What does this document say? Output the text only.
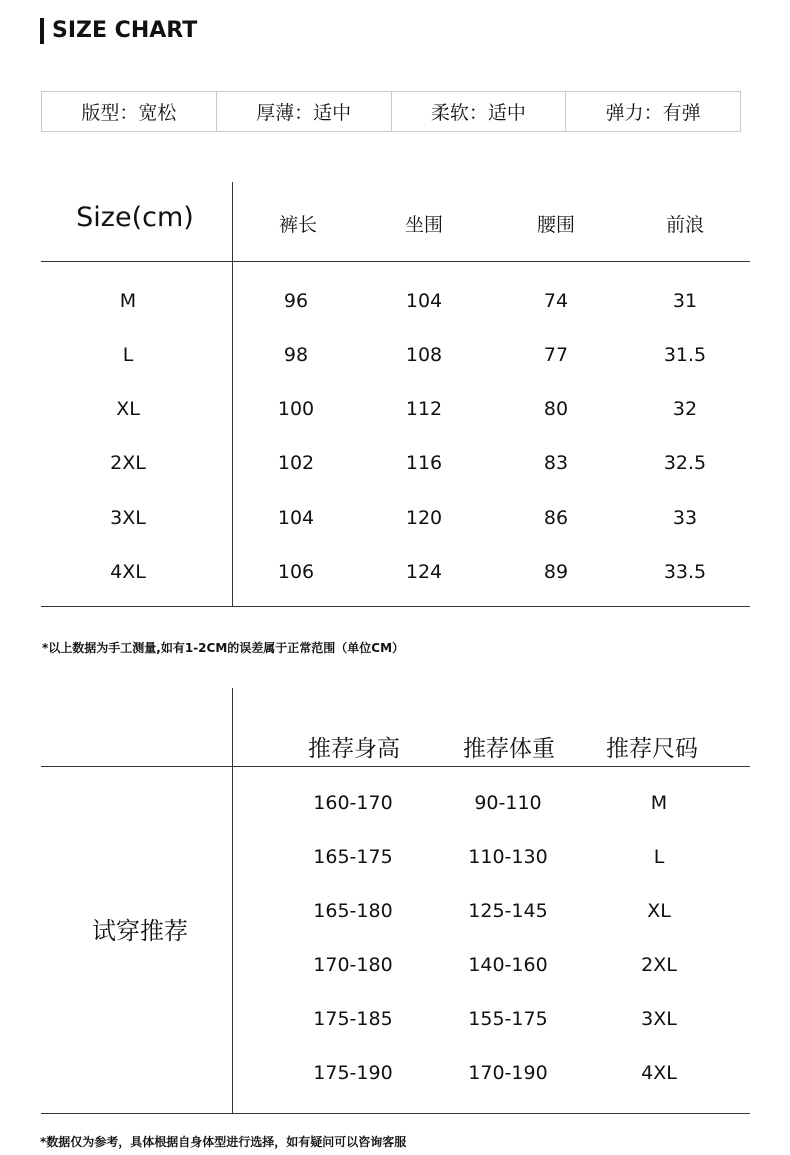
SIZE CHART
版型 ： 宽松	厚薄 ： 适中	柔软 ： 适中	弹力 ： 有弹
Size(cm)	裤长	坐围	腰围	前浪
M	96	104	74	31
L	98	108	77	31.5
XL	100	112	80	32
2XL	102	116	83	32.5
3XL	104	120	86	33
4XL	106	124	89	33.5
*以上数据为手工测量,如有1-2CM的误差属于正常范围（单位CM）
推荐身高	推荐体重	推荐尺码
试穿推荐
160-170	90-110	M
165-175	110-130	L
165-180	125-145	XL
170-180	140-160	2XL
175-185	155-175	3XL
175-190	170-190	4XL
*数据仅为参考，具体根据自身体型进行选择，如有疑问可以咨询客服
